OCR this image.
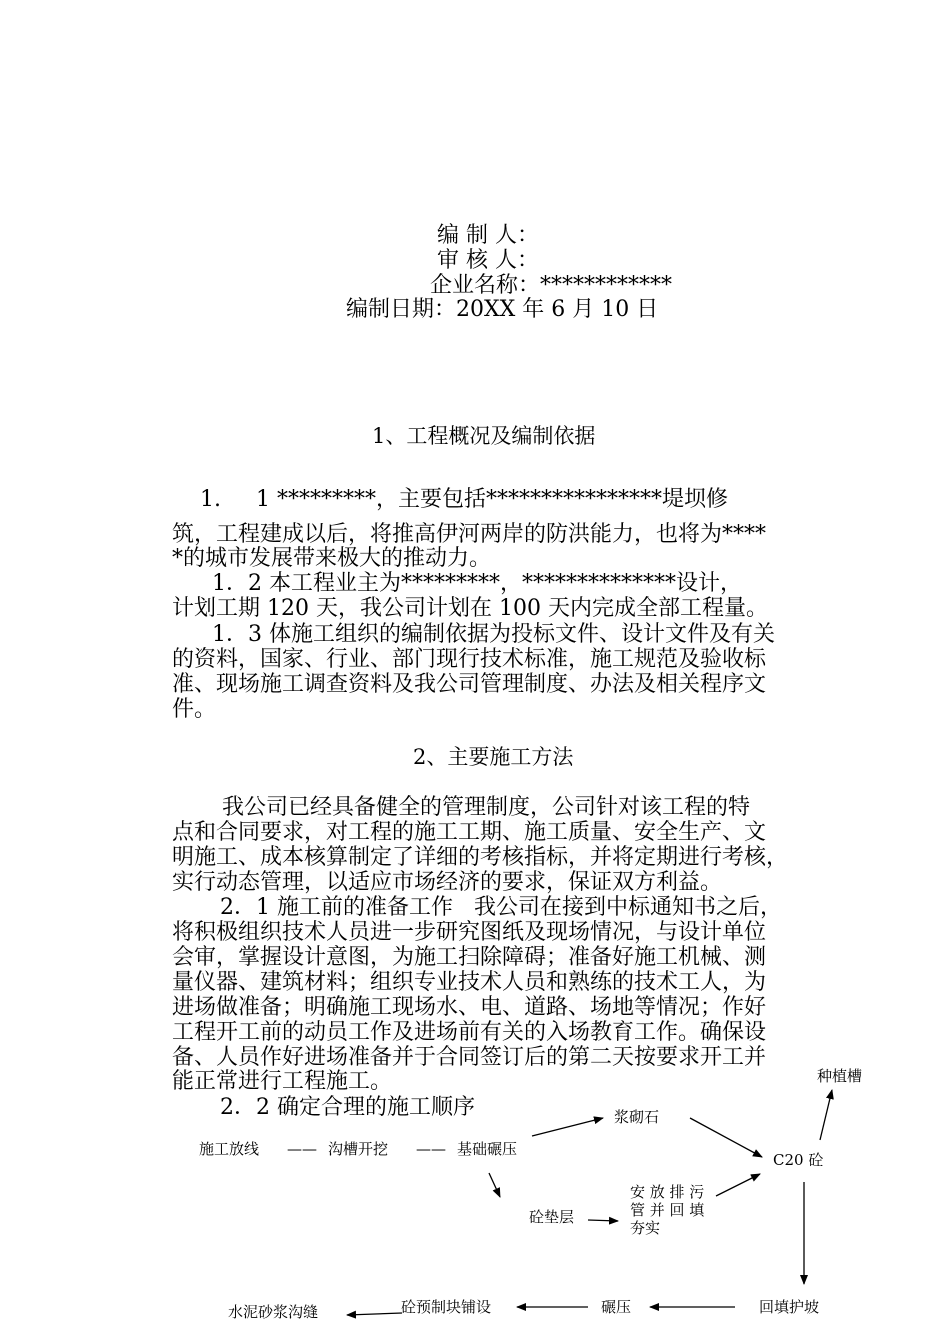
编 制 人：
审 核 人：
企业名称：************
编制日期：20XX 年 6 月 10 日
1、工程概况及编制依据
1.     1 *********，主要包括****************堤坝修
筑，工程建成以后，将推高伊河两岸的防洪能力，也将为****
*的城市发展带来极大的推动力。
1．2 本工程业主为*********，**************设计，
计划工期 120 天，我公司计划在 100 天内完成全部工程量。
1．3 体施工组织的编制依据为投标文件、设计文件及有关
的资料，国家、行业、部门现行技术标准，施工规范及验收标
准、现场施工调查资料及我公司管理制度、办法及相关程序文
件。
2、主要施工方法
我公司已经具备健全的管理制度，公司针对该工程的特
点和合同要求，对工程的施工工期、施工质量、安全生产、文
明施工、成本核算制定了详细的考核指标，并将定期进行考核，
实行动态管理，以适应市场经济的要求，保证双方利益。
2．1 施工前的准备工作   我公司在接到中标通知书之后，
将积极组织技术人员进一步研究图纸及现场情况，与设计单位
会审，掌握设计意图，为施工扫除障碍；准备好施工机械、测
量仪器、建筑材料；组织专业技术人员和熟练的技术工人，为
进场做准备；明确施工现场水、电、道路、场地等情况；作好
工程开工前的动员工作及进场前有关的入场教育工作。确保设
备、人员作好进场准备并于合同签订后的第二天按要求开工并
能正常进行工程施工。
2．2 确定合理的施工顺序
施工放线 —— 沟槽开挖 —— 基础碾压
浆砌石
C20 砼
种植槽
砼垫层
安 放 排 污
管 并 回 填
夯实
回填护坡
碾压
砼预制块铺设
水泥砂浆沟缝
